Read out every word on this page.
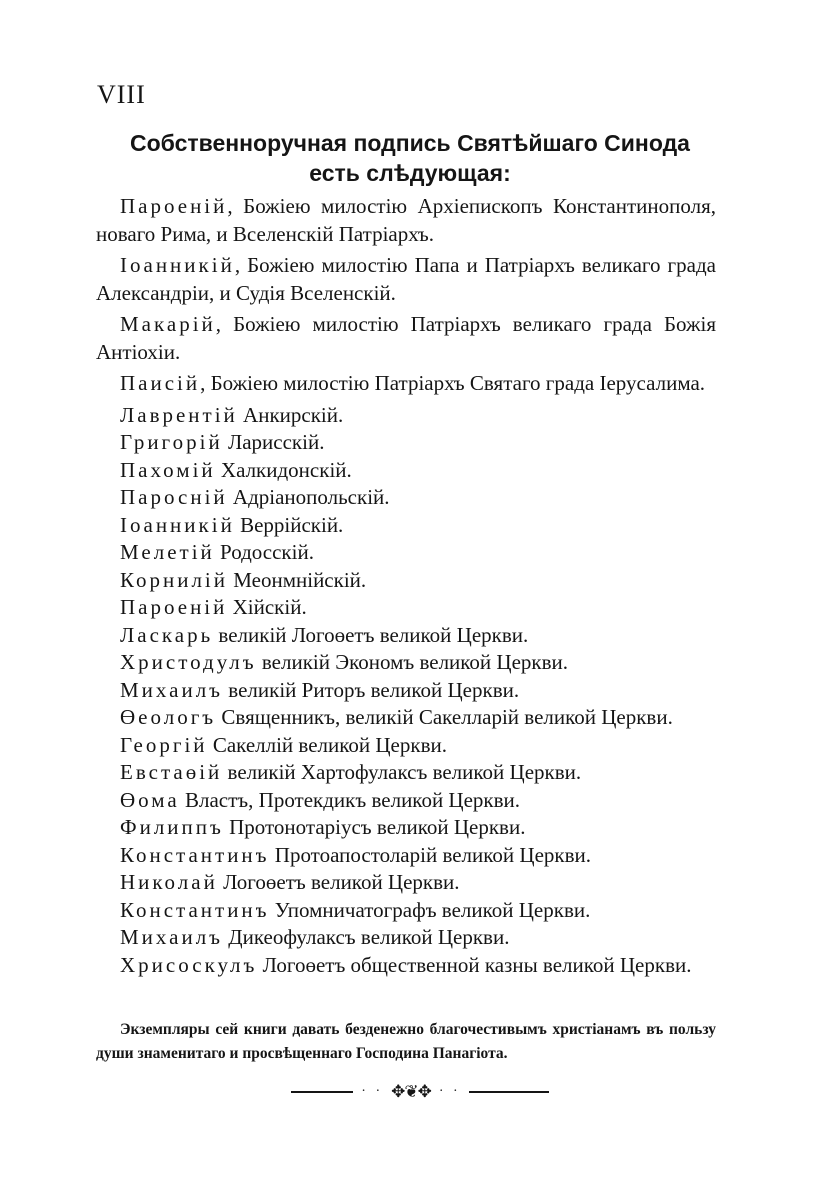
VIII
Собственноручная подпись Святѣйшаго Синода
есть слѣдующая:

Пароеній, Божіею милостію Архіепископъ Константинополя, новаго Рима, и Вселенскій Патріархъ.

Іоанникій, Божіею милостію Папа и Патріархъ великаго града Александріи, и Судія Вселенскій.

Макарій, Божіею милостію Патріархъ великаго града Божія Антіохіи.

Паисій, Божіею милостію Патріархъ Святаго града Іерусалима.

Лаврентій Анкирскій.
Григорій Ларисскій.
Пахомій Халкидонскій.
Паросній Адріанопольскій.
Іоанникій Веррійскій.
Мелетій Родосскій.
Корнилій Меонмнійскій.
Пароеній Хійскій.
Ласкарь великій Логоөетъ великой Церкви.
Христодулъ великій Экономъ великой Церкви.
Михаилъ великій Риторъ великой Церкви.
Өеологъ Священникъ, великій Сакелларій великой Церкви.
Георгій Сакеллій великой Церкви.
Евстаөій великій Хартофулаксъ великой Церкви.
Өома Властъ, Протекдикъ великой Церкви.
Филиппъ Протонотаріусъ великой Церкви.
Константинъ Протоапостоларій великой Церкви.
Николай Логоөетъ великой Церкви.
Константинъ Упомничатографъ великой Церкви.
Михаилъ Дикеофулаксъ великой Церкви.

Хрисоскулъ Логоөетъ общественной казны великой Церкви.

Экземпляры сей книги давать безденежно благочестивымъ христіанамъ въ пользу души знаменитаго и просвѣщеннаго Господина Панагіота.

· · ✥❦✥ · ·
